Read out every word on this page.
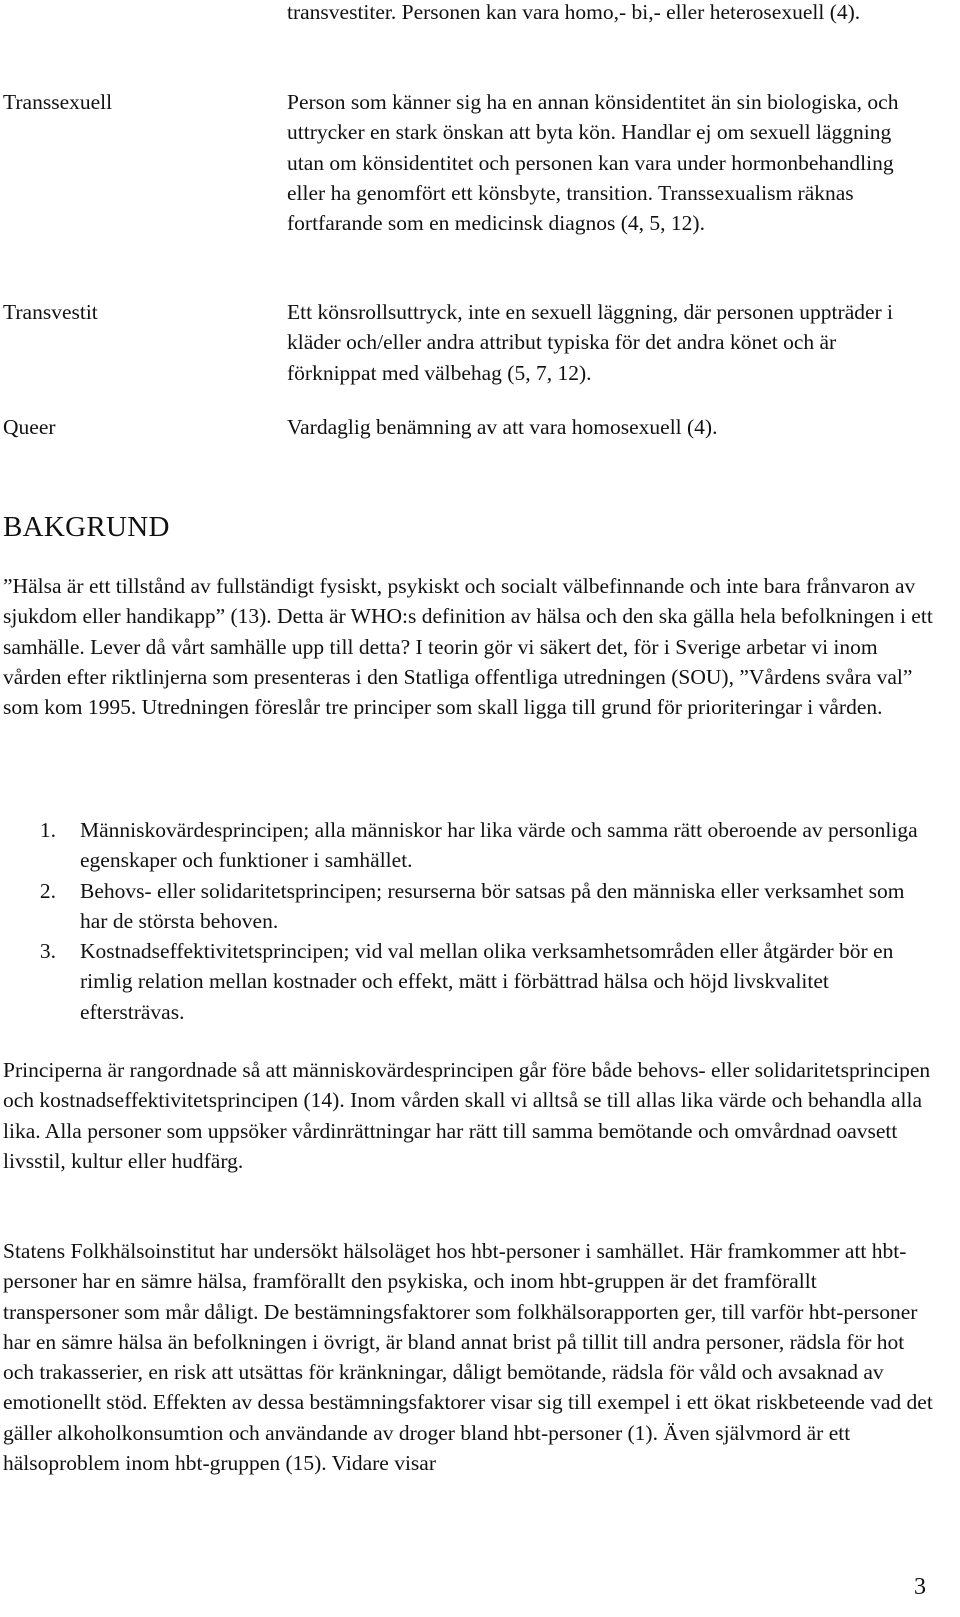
transvestiter. Personen kan vara homo,- bi,- eller heterosexuell (4).

Transsexuell	Person som känner sig ha en annan könsidentitet än sin biologiska, och uttrycker en stark önskan att byta kön. Handlar ej om sexuell läggning utan om könsidentitet och personen kan vara under hormonbehandling eller ha genomfört ett könsbyte, transition. Transsexualism räknas fortfarande som en medicinsk diagnos (4, 5, 12).

Transvestit	Ett könsrollsuttryck, inte en sexuell läggning, där personen uppträder i kläder och/eller andra attribut typiska för det andra könet och är förknippat med välbehag (5, 7, 12).

Queer	Vardaglig benämning av att vara homosexuell (4).

BAKGRUND

”Hälsa är ett tillstånd av fullständigt fysiskt, psykiskt och socialt välbefinnande och inte bara frånvaron av sjukdom eller handikapp” (13). Detta är WHO:s definition av hälsa och den ska gälla hela befolkningen i ett samhälle. Lever då vårt samhälle upp till detta? I teorin gör vi säkert det, för i Sverige arbetar vi inom vården efter riktlinjerna som presenteras i den Statliga offentliga utredningen (SOU), ”Vårdens svåra val” som kom 1995. Utredningen föreslår tre principer som skall ligga till grund för prioriteringar i vården.

1.	Människovärdesprincipen; alla människor har lika värde och samma rätt oberoende av personliga egenskaper och funktioner i samhället.
2.	Behovs- eller solidaritetsprincipen; resurserna bör satsas på den människa eller verksamhet som har de största behoven.
3.	Kostnadseffektivitetsprincipen; vid val mellan olika verksamhetsområden eller åtgärder bör en rimlig relation mellan kostnader och effekt, mätt i förbättrad hälsa och höjd livskvalitet eftersträvas.

Principerna är rangordnade så att människovärdesprincipen går före både behovs- eller solidaritetsprincipen och kostnadseffektivitetsprincipen (14). Inom vården skall vi alltså se till allas lika värde och behandla alla lika. Alla personer som uppsöker vårdinrättningar har rätt till samma bemötande och omvårdnad oavsett livsstil, kultur eller hudfärg.

Statens Folkhälsoinstitut har undersökt hälsoläget hos hbt-personer i samhället. Här framkommer att hbt-personer har en sämre hälsa, framförallt den psykiska, och inom hbt-gruppen är det framförallt transpersoner som mår dåligt. De bestämningsfaktorer som folkhälsorapporten ger, till varför hbt-personer har en sämre hälsa än befolkningen i övrigt, är bland annat brist på tillit till andra personer, rädsla för hot och trakasserier, en risk att utsättas för kränkningar, dåligt bemötande, rädsla för våld och avsaknad av emotionellt stöd. Effekten av dessa bestämningsfaktorer visar sig till exempel i ett ökat riskbeteende vad det gäller alkoholkonsumtion och användande av droger bland hbt-personer (1). Även självmord är ett hälsoproblem inom hbt-gruppen (15). Vidare visar

3
